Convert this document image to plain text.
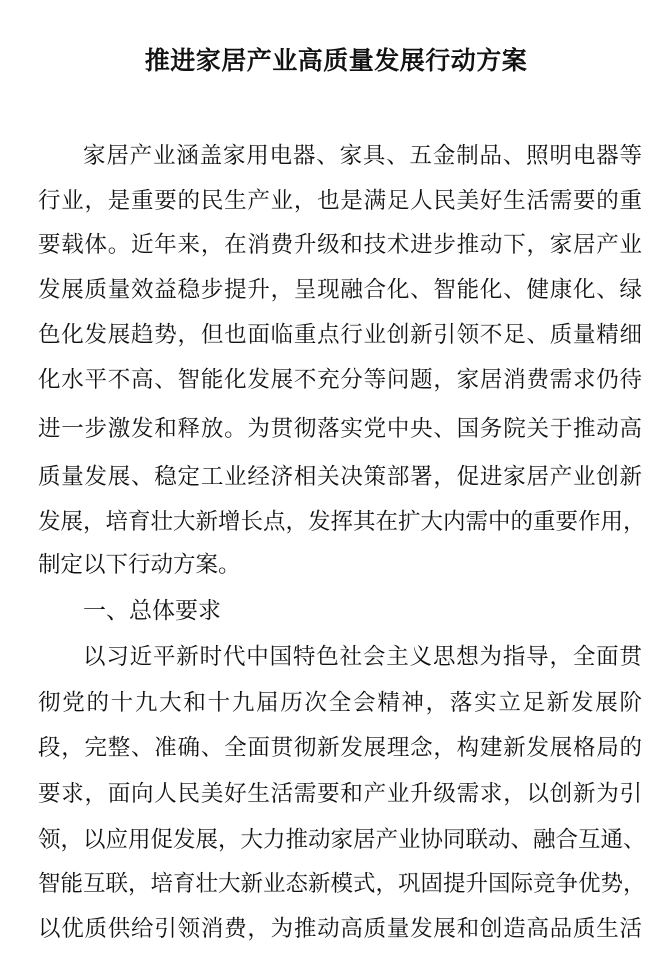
推进家居产业高质量发展行动方案
家居产业涵盖家用电器、家具、五金制品、照明电器等
行业，是重要的民生产业，也是满足人民美好生活需要的重
要载体。近年来，在消费升级和技术进步推动下，家居产业
发展质量效益稳步提升，呈现融合化、智能化、健康化、绿
色化发展趋势，但也面临重点行业创新引领不足、质量精细
化水平不高、智能化发展不充分等问题，家居消费需求仍待
进一步激发和释放。为贯彻落实党中央、国务院关于推动高
质量发展、稳定工业经济相关决策部署，促进家居产业创新
发展，培育壮大新增长点，发挥其在扩大内需中的重要作用，
制定以下行动方案。
一、总体要求
以习近平新时代中国特色社会主义思想为指导，全面贯
彻党的十九大和十九届历次全会精神，落实立足新发展阶
段，完整、准确、全面贯彻新发展理念，构建新发展格局的
要求，面向人民美好生活需要和产业升级需求，以创新为引
领，以应用促发展，大力推动家居产业协同联动、融合互通、
智能互联，培育壮大新业态新模式，巩固提升国际竞争优势，
以优质供给引领消费，为推动高质量发展和创造高品质生活
